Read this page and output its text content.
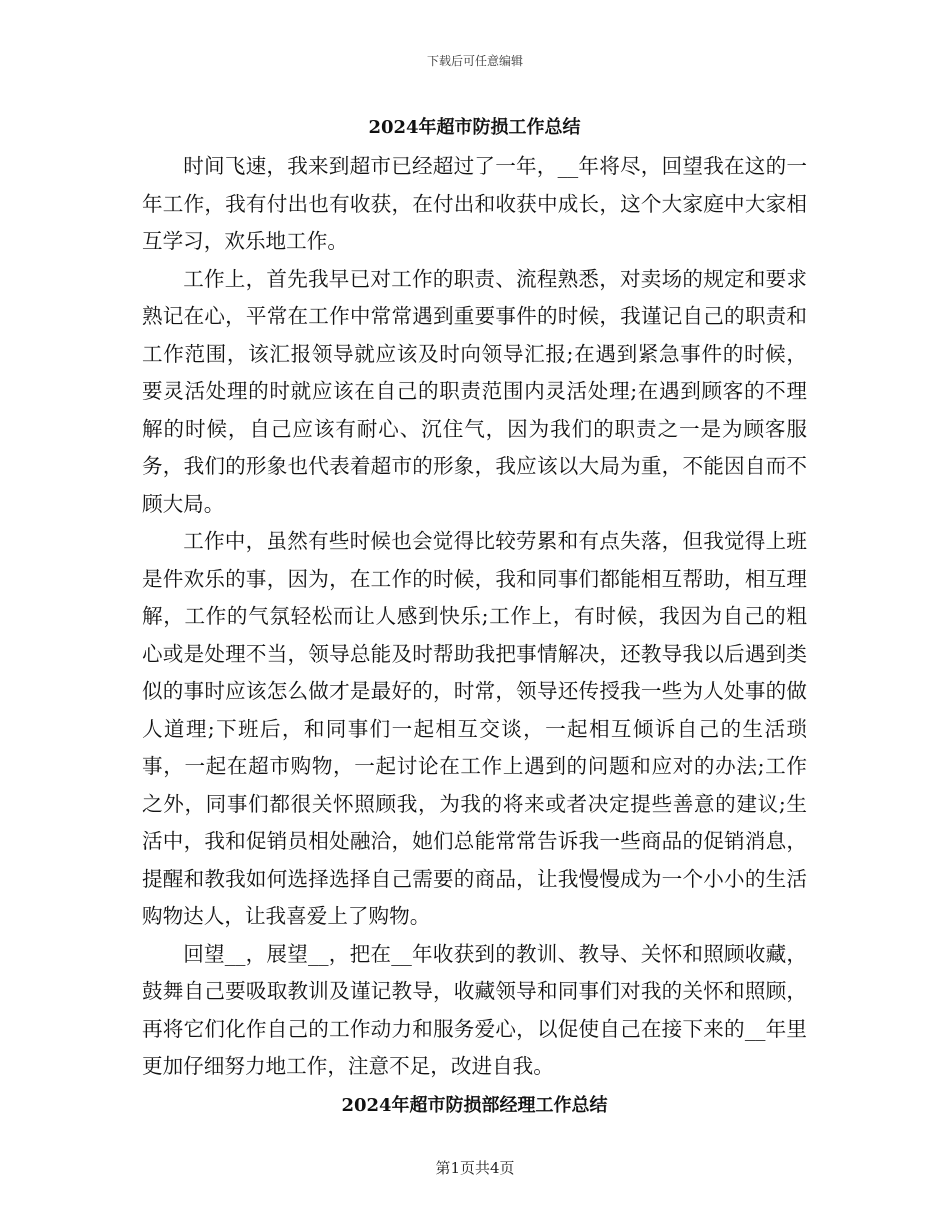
下载后可任意编辑
2024年超市防损工作总结

时间飞速，我来到超市已经超过了一年，__年将尽，回望我在这的一年工作，我有付出也有收获，在付出和收获中成长，这个大家庭中大家相互学习，欢乐地工作。

工作上，首先我早已对工作的职责、流程熟悉，对卖场的规定和要求熟记在心，平常在工作中常常遇到重要事件的时候，我谨记自己的职责和工作范围，该汇报领导就应该及时向领导汇报;在遇到紧急事件的时候，要灵活处理的时就应该在自己的职责范围内灵活处理;在遇到顾客的不理解的时候，自己应该有耐心、沉住气，因为我们的职责之一是为顾客服务，我们的形象也代表着超市的形象，我应该以大局为重，不能因自而不顾大局。

工作中，虽然有些时候也会觉得比较劳累和有点失落，但我觉得上班是件欢乐的事，因为，在工作的时候，我和同事们都能相互帮助，相互理解，工作的气氛轻松而让人感到快乐;工作上，有时候，我因为自己的粗心或是处理不当，领导总能及时帮助我把事情解决，还教导我以后遇到类似的事时应该怎么做才是最好的，时常，领导还传授我一些为人处事的做人道理;下班后，和同事们一起相互交谈，一起相互倾诉自己的生活琐事，一起在超市购物，一起讨论在工作上遇到的问题和应对的办法;工作之外，同事们都很关怀照顾我，为我的将来或者决定提些善意的建议;生活中，我和促销员相处融洽，她们总能常常告诉我一些商品的促销消息，提醒和教我如何选择选择自己需要的商品，让我慢慢成为一个小小的生活购物达人，让我喜爱上了购物。

回望__，展望__，把在__年收获到的教训、教导、关怀和照顾收藏，鼓舞自己要吸取教训及谨记教导，收藏领导和同事们对我的关怀和照顾，再将它们化作自己的工作动力和服务爱心，以促使自己在接下来的__年里更加仔细努力地工作，注意不足，改进自我。

2024年超市防损部经理工作总结
第1页共4页
